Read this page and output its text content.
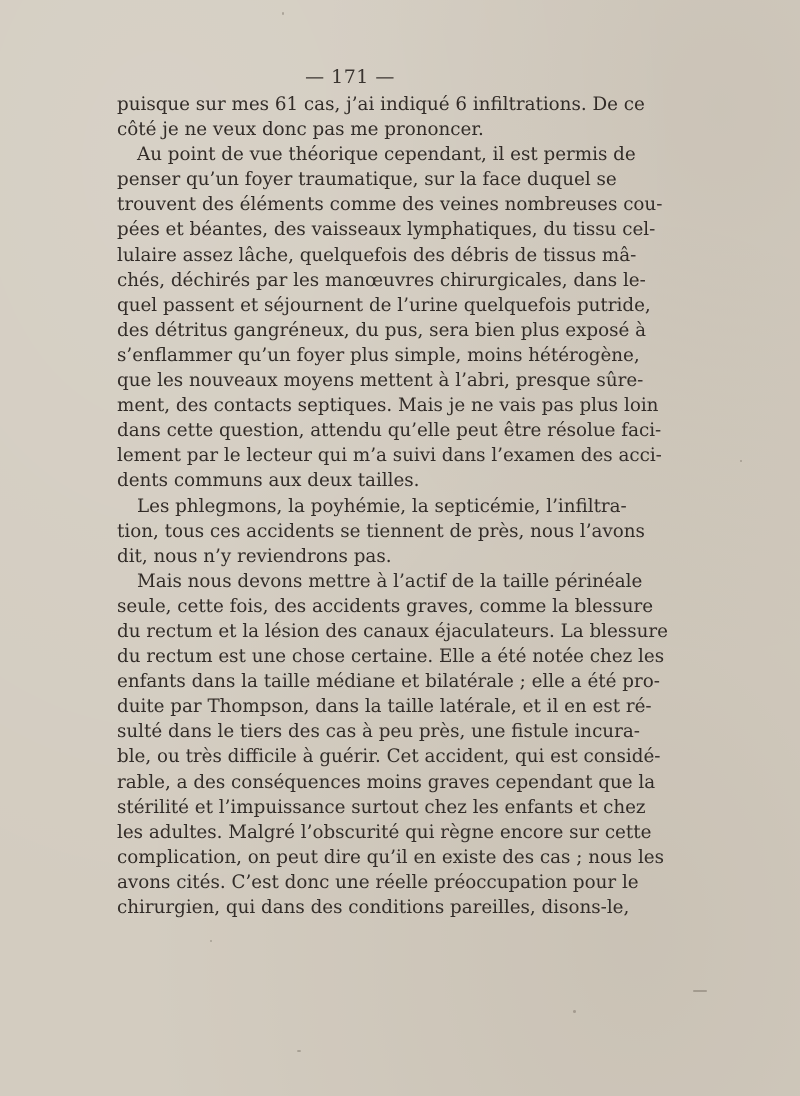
— 171 —
puisque sur mes 61 cas, j’ai indiqué 6 infiltrations. De ce
côté je ne veux donc pas me prononcer.
Au point de vue théorique cependant, il est permis de
penser qu’un foyer traumatique, sur la face duquel se
trouvent des éléments comme des veines nombreuses cou-
pées et béantes, des vaisseaux lymphatiques, du tissu cel-
lulaire assez lâche, quelquefois des débris de tissus mâ-
chés, déchirés par les manœuvres chirurgicales, dans le-
quel passent et séjournent de l’urine quelquefois putride,
des détritus gangréneux, du pus, sera bien plus exposé à
s’enflammer qu’un foyer plus simple, moins hétérogène,
que les nouveaux moyens mettent à l’abri, presque sûre-
ment, des contacts septiques. Mais je ne vais pas plus loin
dans cette question, attendu qu’elle peut être résolue faci-
lement par le lecteur qui m’a suivi dans l’examen des acci-
dents communs aux deux tailles.
Les phlegmons, la poyhémie, la septicémie, l’infiltra-
tion, tous ces accidents se tiennent de près, nous l’avons
dit, nous n’y reviendrons pas.
Mais nous devons mettre à l’actif de la taille périnéale
seule, cette fois, des accidents graves, comme la blessure
du rectum et la lésion des canaux éjaculateurs. La blessure
du rectum est une chose certaine. Elle a été notée chez les
enfants dans la taille médiane et bilatérale ; elle a été pro-
duite par Thompson, dans la taille latérale, et il en est ré-
sulté dans le tiers des cas à peu près, une fistule incura-
ble, ou très difficile à guérir. Cet accident, qui est considé-
rable, a des conséquences moins graves cependant que la
stérilité et l’impuissance surtout chez les enfants et chez
les adultes. Malgré l’obscurité qui règne encore sur cette
complication, on peut dire qu’il en existe des cas ; nous les
avons cités. C’est donc une réelle préoccupation pour le
chirurgien, qui dans des conditions pareilles, disons-le,
